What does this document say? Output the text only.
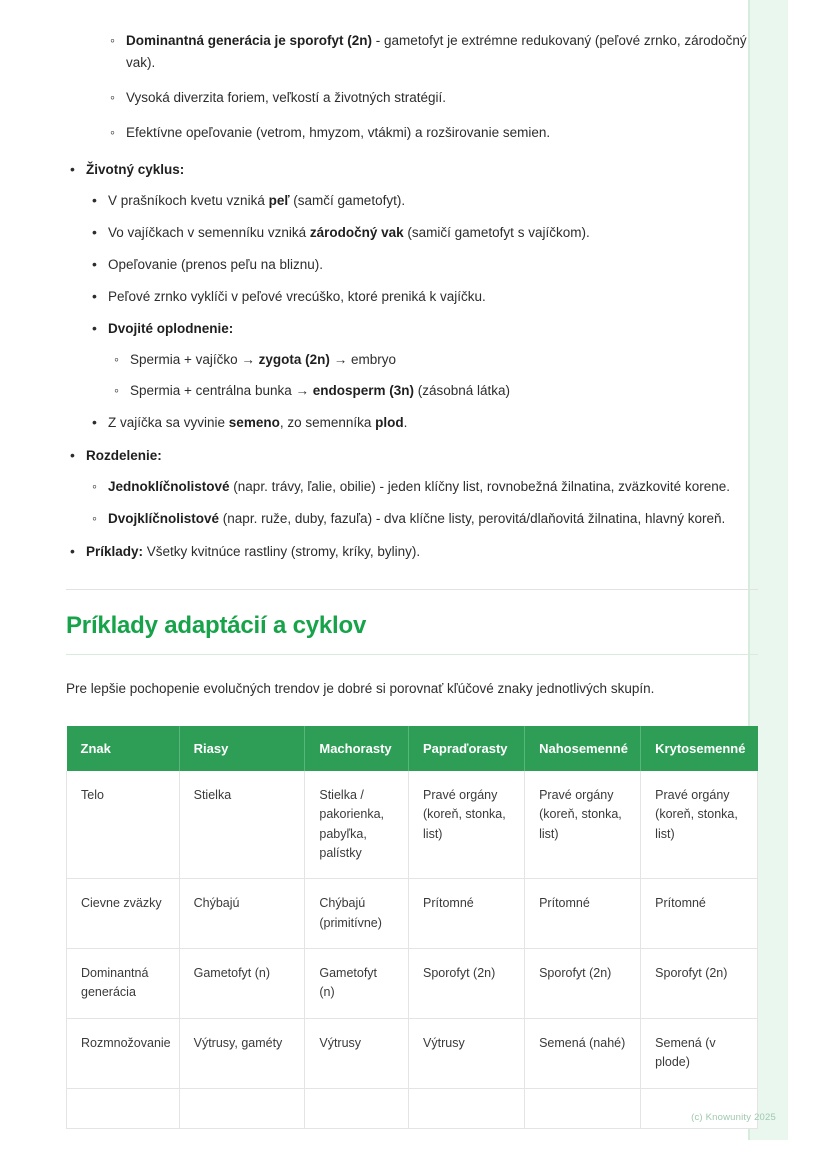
◦ Dominantná generácia je sporofyt (2n) - gametofyt je extrémne redukovaný (peľové zrnko, zárodočný vak).
◦ Vysoká diverzita foriem, veľkostí a životných stratégií.
◦ Efektívne opeľovanie (vetrom, hmyzom, vtákmi) a rozširovanie semien.
• Životný cyklus:
• V prašníkoch kvetu vzniká peľ (samčí gametofyt).
• Vo vajíčkach v semenníku vzniká zárodočný vak (samičí gametofyt s vajíčkom).
• Opeľovanie (prenos peľu na bliznu).
• Peľové zrnko vyklíči v peľové vrecúško, ktoré preniká k vajíčku.
• Dvojité oplodnenie:
◦ Spermia + vajíčko → zygota (2n) → embryo
◦ Spermia + centrálna bunka → endosperm (3n) (zásobná látka)
• Z vajíčka sa vyvinie semeno, zo semenníka plod.
• Rozdelenie:
◦ Jednoklíčnolistové (napr. trávy, ľalie, obilie) - jeden klíčny list, rovnobežná žilnatina, zväzkovité korene.
◦ Dvojklíčnolistové (napr. ruže, duby, fazuľa) - dva klíčne listy, perovitá/dlaňovitá žilnatina, hlavný koreň.
• Príklady: Všetky kvitnúce rastliny (stromy, kríky, byliny).
Príklady adaptácií a cyklov

Pre lepšie pochopenie evolučných trendov je dobré si porovnať kľúčové znaky jednotlivých skupín.

Znak	Riasy	Machorasty	Papraďorasty	Nahosemenné	Krytosemenné
Telo	Stielka	Stielka / pakorienka, pabyľka, palístky	Pravé orgány (koreň, stonka, list)	Pravé orgány (koreň, stonka, list)	Pravé orgány (koreň, stonka, list)
Cievne zväzky	Chýbajú	Chýbajú (primitívne)	Prítomné	Prítomné	Prítomné
Dominantná generácia	Gametofyt (n)	Gametofyt (n)	Sporofyt (2n)	Sporofyt (2n)	Sporofyt (2n)
Rozmnožovanie	Výtrusy, gaméty	Výtrusy	Výtrusy	Semená (nahé)	Semená (v plode)

(c) Knowunity 2025
